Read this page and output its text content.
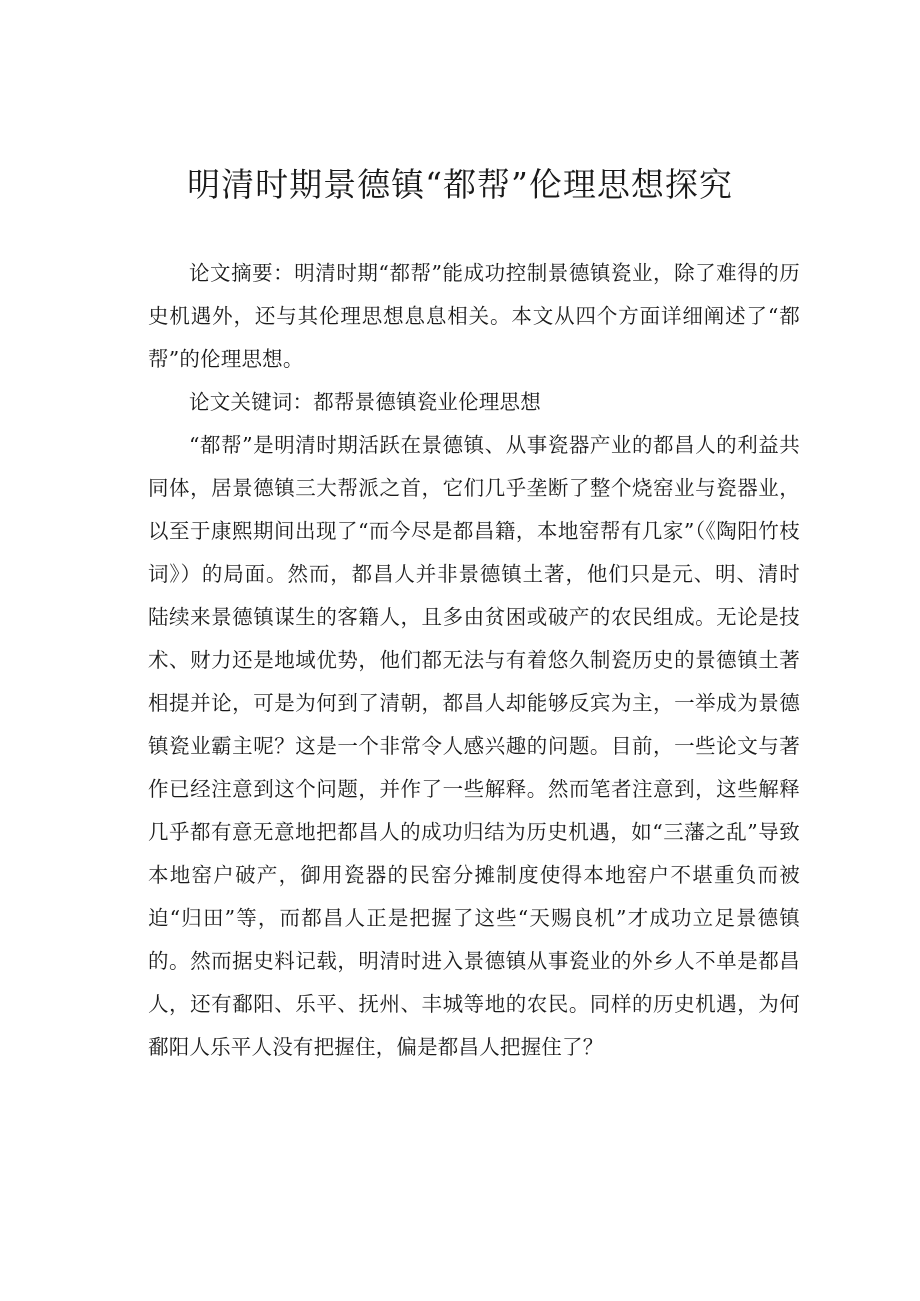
明清时期景德镇“都帮”伦理思想探究

论文摘要：明清时期“都帮”能成功控制景德镇瓷业，除了难得的历史机遇外，还与其伦理思想息息相关。本文从四个方面详细阐述了“都帮”的伦理思想。

论文关键词：都帮景德镇瓷业伦理思想

“都帮”是明清时期活跃在景德镇、从事瓷器产业的都昌人的利益共同体，居景德镇三大帮派之首，它们几乎垄断了整个烧窑业与瓷器业，以至于康熙期间出现了“而今尽是都昌籍，本地窑帮有几家”（《陶阳竹枝词》）的局面。然而，都昌人并非景德镇土著，他们只是元、明、清时陆续来景德镇谋生的客籍人，且多由贫困或破产的农民组成。无论是技术、财力还是地域优势，他们都无法与有着悠久制瓷历史的景德镇土著相提并论，可是为何到了清朝，都昌人却能够反宾为主，一举成为景德镇瓷业霸主呢？这是一个非常令人感兴趣的问题。目前，一些论文与著作已经注意到这个问题，并作了一些解释。然而笔者注意到，这些解释几乎都有意无意地把都昌人的成功归结为历史机遇，如“三藩之乱”导致本地窑户破产，御用瓷器的民窑分摊制度使得本地窑户不堪重负而被迫“归田”等，而都昌人正是把握了这些“天赐良机”才成功立足景德镇的。然而据史料记载，明清时进入景德镇从事瓷业的外乡人不单是都昌人，还有鄱阳、乐平、抚州、丰城等地的农民。同样的历史机遇，为何鄱阳人乐平人没有把握住，偏是都昌人把握住了？
